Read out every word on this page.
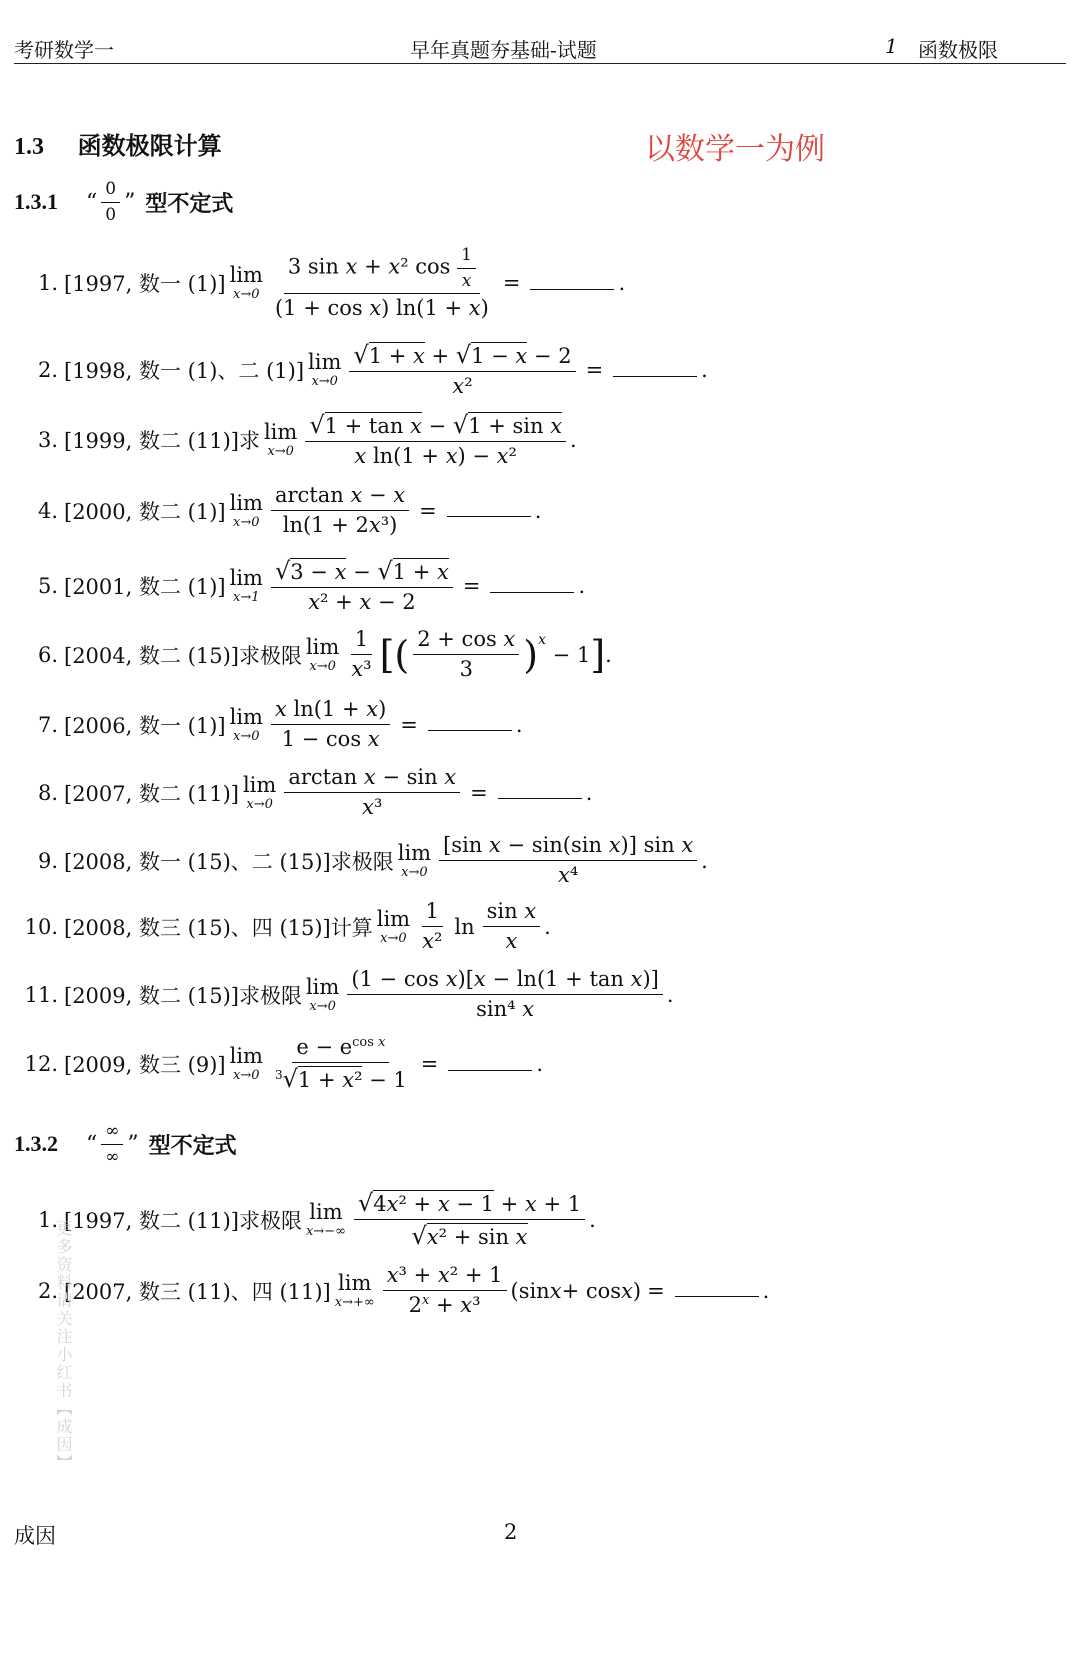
考研数学一	早年真题夯基础-试题	1 函数极限
1.3 函数极限计算	以数学一为例
1.3.1 “ $\frac{0}{0}$ ” 型不定式
1. [1997, 数一 (1)] lim
$x\to 0 \frac{3 \sin x + x^2 \cos \frac{1}{x}}{\text{(1 + cos x) ln(1 + x)}}$ =	.
2. [1998, 数一 (1)、二 (1)] lim
$x\to 0 \frac{√1 + x + √1 - x - 2}{\text{x²}}$ =	.
3. [1999, 数二 (11)]求 lim
$x\to 0 \frac{\text{√1 + tan x − √1 + sin x}}{\text{x ln(1 + x) − x²}}$ .
4. [2000, 数二 (1)] lim
$x\to 0 \frac{\text{arctan x − x}}{\text{ln(1 + 2x³)}}$ =	.
5. [2001, 数二 (1)] lim
$x\to 1 \frac{√3 - x - √1 + x}{\text{x² + x − 2}}$ =	.
6. [2004, 数二 (15)]求极限 lim
$x\to 0 \frac{1}{\text{x³}}$ [ ( $\frac{\text{2 + cos x}}{3}$ ) x
− 1 ] .
7. [2006, 数一 (1)] lim
$x\to 0 \frac{\text{x ln(1 + x)}}{\text{1 − cos x}}$ =	.
8. [2007, 数二 (11)] lim
$x\to 0 \frac{\text{arctan x − sin x}}{\text{x³}}$ =	.
9. [2008, 数一 (15)、二 (15)]求极限 lim
$x\to 0 \frac{\text{[sin x − sin(sin x)] sin x}}{\text{x⁴}}$ .
10. [2008, 数三 (15)、四 (15)]计算 lim
$x\to 0 \frac{1}{\text{x²}}$ $\ln \frac{\text{sin x}}{x}$ .
11. [2009, 数二 (15)]求极限 lim
$x\to 0 \frac{\text{(1 − cos x)[x − ln(1 + tan x)]}}{\text{sin⁴ x}}$ .
12. [2009, 数三 (9)] lim
$x\to 0 \frac{e - e^{cos x}}{^3√1 + x^2 - 1}$ =	.
1.3.2 “ $\frac{\infty}{\infty}$ ” 型不定式
1. [1997, 数二 (11)]求极限 lim
$x\to-\infty \frac{\text{√4x² + x − 1 + x + 1}}{\text{√x² + sin x}}$ .
2. [2007, 数三 (11)、四 (11)] lim
$x\to+\infty \frac{\text{x³ + x² + 1}}{2^x + x^3} (\sin$ x + cos x ) =	.
更多资料请关注小红书【成因】
成因	2
